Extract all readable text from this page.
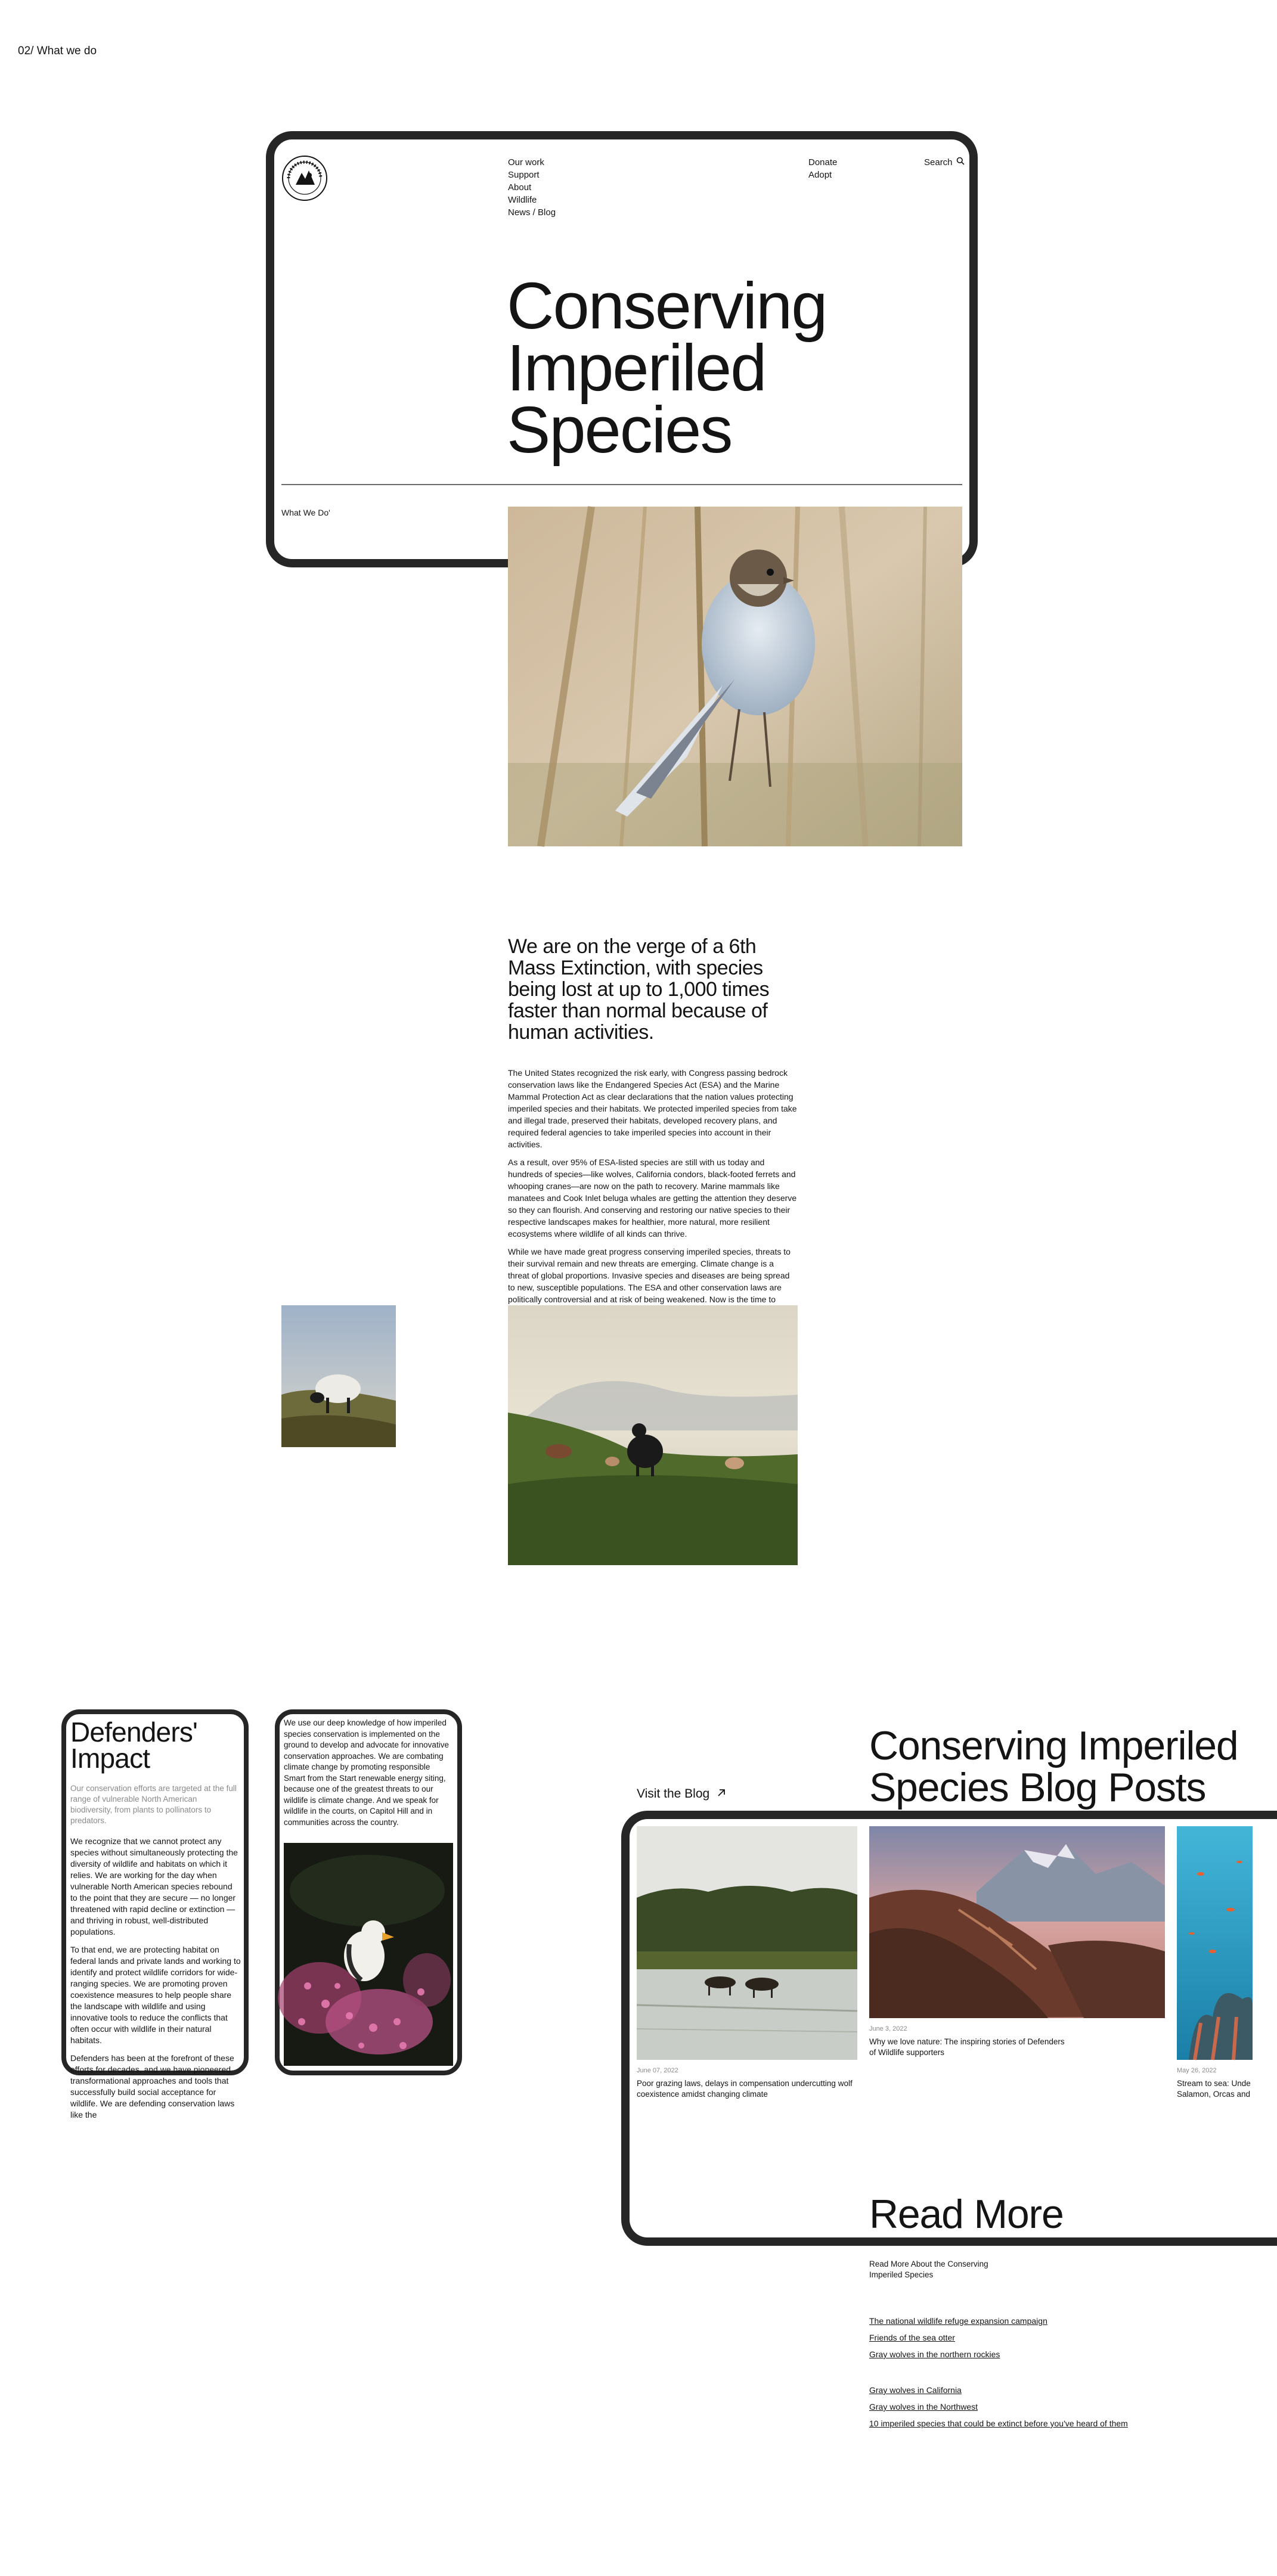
02/ What we do
Our work
Support
About
Wildlife
News / Blog
Donate
Adopt
Search
Conserving
Imperiled
Species
What We Do'
We are on the verge of a 6th Mass Extinction, with species being lost at up to 1,000 times faster than normal because of human activities.

The United States recognized the risk early, with Congress passing bedrock conservation laws like the Endangered Species Act (ESA) and the Marine Mammal Protection Act as clear declarations that the nation values protecting imperiled species and their habitats. We protected imperiled species from take and illegal trade, preserved their habitats, developed recovery plans, and required federal agencies to take imperiled species into account in their activities.

As a result, over 95% of ESA-listed species are still with us today and hundreds of species—like wolves, California condors, black-footed ferrets and whooping cranes—are now on the path to recovery. Marine mammals like manatees and Cook Inlet beluga whales are getting the attention they deserve so they can flourish. And conserving and restoring our native species to their respective landscapes makes for healthier, more natural, more resilient ecosystems where wildlife of all kinds can thrive.

While we have made great progress conserving imperiled species, threats to their survival remain and new threats are emerging. Climate change is a threat of global proportions. Invasive species and diseases are being spread to new, susceptible populations. The ESA and other conservation laws are politically controversial and at risk of being weakened. Now is the time to

Defenders' Impact
Our conservation efforts are targeted at the full range of vulnerable North American biodiversity, from plants to pollinators to predators.

We recognize that we cannot protect any species without simultaneously protecting the diversity of wildlife and habitats on which it relies. We are working for the day when vulnerable North American species rebound to the point that they are secure — no longer threatened with rapid decline or extinction — and thriving in robust, well-distributed populations.

To that end, we are protecting habitat on federal lands and private lands and working to identify and protect wildlife corridors for wide-ranging species. We are promoting proven coexistence measures to help people share the landscape with wildlife and using innovative tools to reduce the conflicts that often occur with wildlife in their natural habitats.

Defenders has been at the forefront of these efforts for decades, and we have pioneered transformational approaches and tools that successfully build social acceptance for wildlife. We are defending conservation laws like the

We use our deep knowledge of how imperiled species conservation is implemented on the ground to develop and advocate for innovative conservation approaches. We are combating climate change by promoting responsible Smart from the Start renewable energy siting, because one of the greatest threats to our wildlife is climate change. And we speak for wildlife in the courts, on Capitol Hill and in communities across the country.
Visit the Blog
Conserving Imperiled Species Blog Posts
June 07, 2022
Poor grazing laws, delays in compensation undercutting wolf coexistence amidst changing climate
June 3, 2022
Why we love nature: The inspiring stories of Defenders of Wildlife supporters
May 26, 2022
Stream to sea: Unde Salamon, Orcas and
Read More
Read More About the Conserving Imperiled Species
The national wildlife refuge expansion campaign
Friends of the sea otter
Gray wolves in the northern rockies
Gray wolves in California
Gray wolves in the Northwest
10 imperiled species that could be extinct before you've heard of them
